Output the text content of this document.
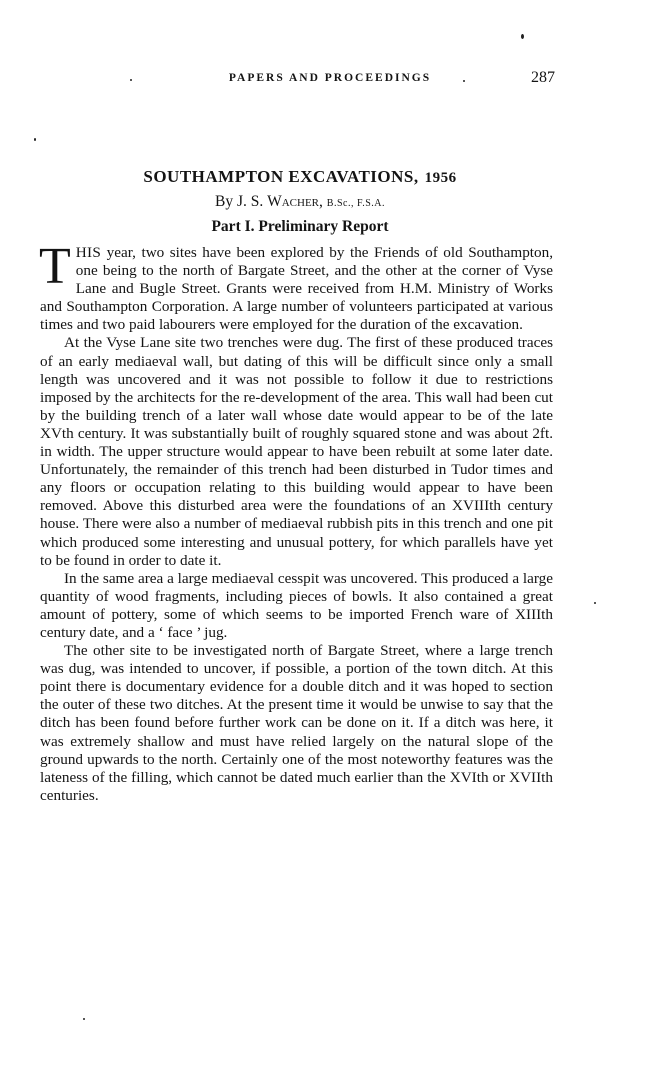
PAPERS AND PROCEEDINGS	287
SOUTHAMPTON EXCAVATIONS, 1956
By J. S. Wacher, B.Sc., F.S.A.
Part I. Preliminary Report

THIS year, two sites have been explored by the Friends of old Southampton, one being to the north of Bargate Street, and the other at the corner of Vyse Lane and Bugle Street. Grants were received from H.M. Ministry of Works and Southampton Corporation. A large number of volunteers participated at various times and two paid labourers were employed for the duration of the excavation.

At the Vyse Lane site two trenches were dug. The first of these produced traces of an early mediaeval wall, but dating of this will be difficult since only a small length was uncovered and it was not possible to follow it due to restrictions imposed by the architects for the re-development of the area. This wall had been cut by the building trench of a later wall whose date would appear to be of the late XVth century. It was substantially built of roughly squared stone and was about 2ft. in width. The upper structure would appear to have been rebuilt at some later date. Unfortunately, the remainder of this trench had been disturbed in Tudor times and any floors or occupation relating to this building would appear to have been removed. Above this disturbed area were the foundations of an XVIIIth century house. There were also a number of mediaeval rubbish pits in this trench and one pit which produced some interesting and unusual pottery, for which parallels have yet to be found in order to date it.

In the same area a large mediaeval cesspit was uncovered. This produced a large quantity of wood fragments, including pieces of bowls. It also contained a great amount of pottery, some of which seems to be imported French ware of XIIIth century date, and a ‘ face ’ jug.

The other site to be investigated north of Bargate Street, where a large trench was dug, was intended to uncover, if possible, a portion of the town ditch. At this point there is documentary evidence for a double ditch and it was hoped to section the outer of these two ditches. At the present time it would be unwise to say that the ditch has been found before further work can be done on it. If a ditch was here, it was extremely shallow and must have relied largely on the natural slope of the ground upwards to the north. Certainly one of the most noteworthy features was the lateness of the filling, which cannot be dated much earlier than the XVIth or XVIIth centuries.
